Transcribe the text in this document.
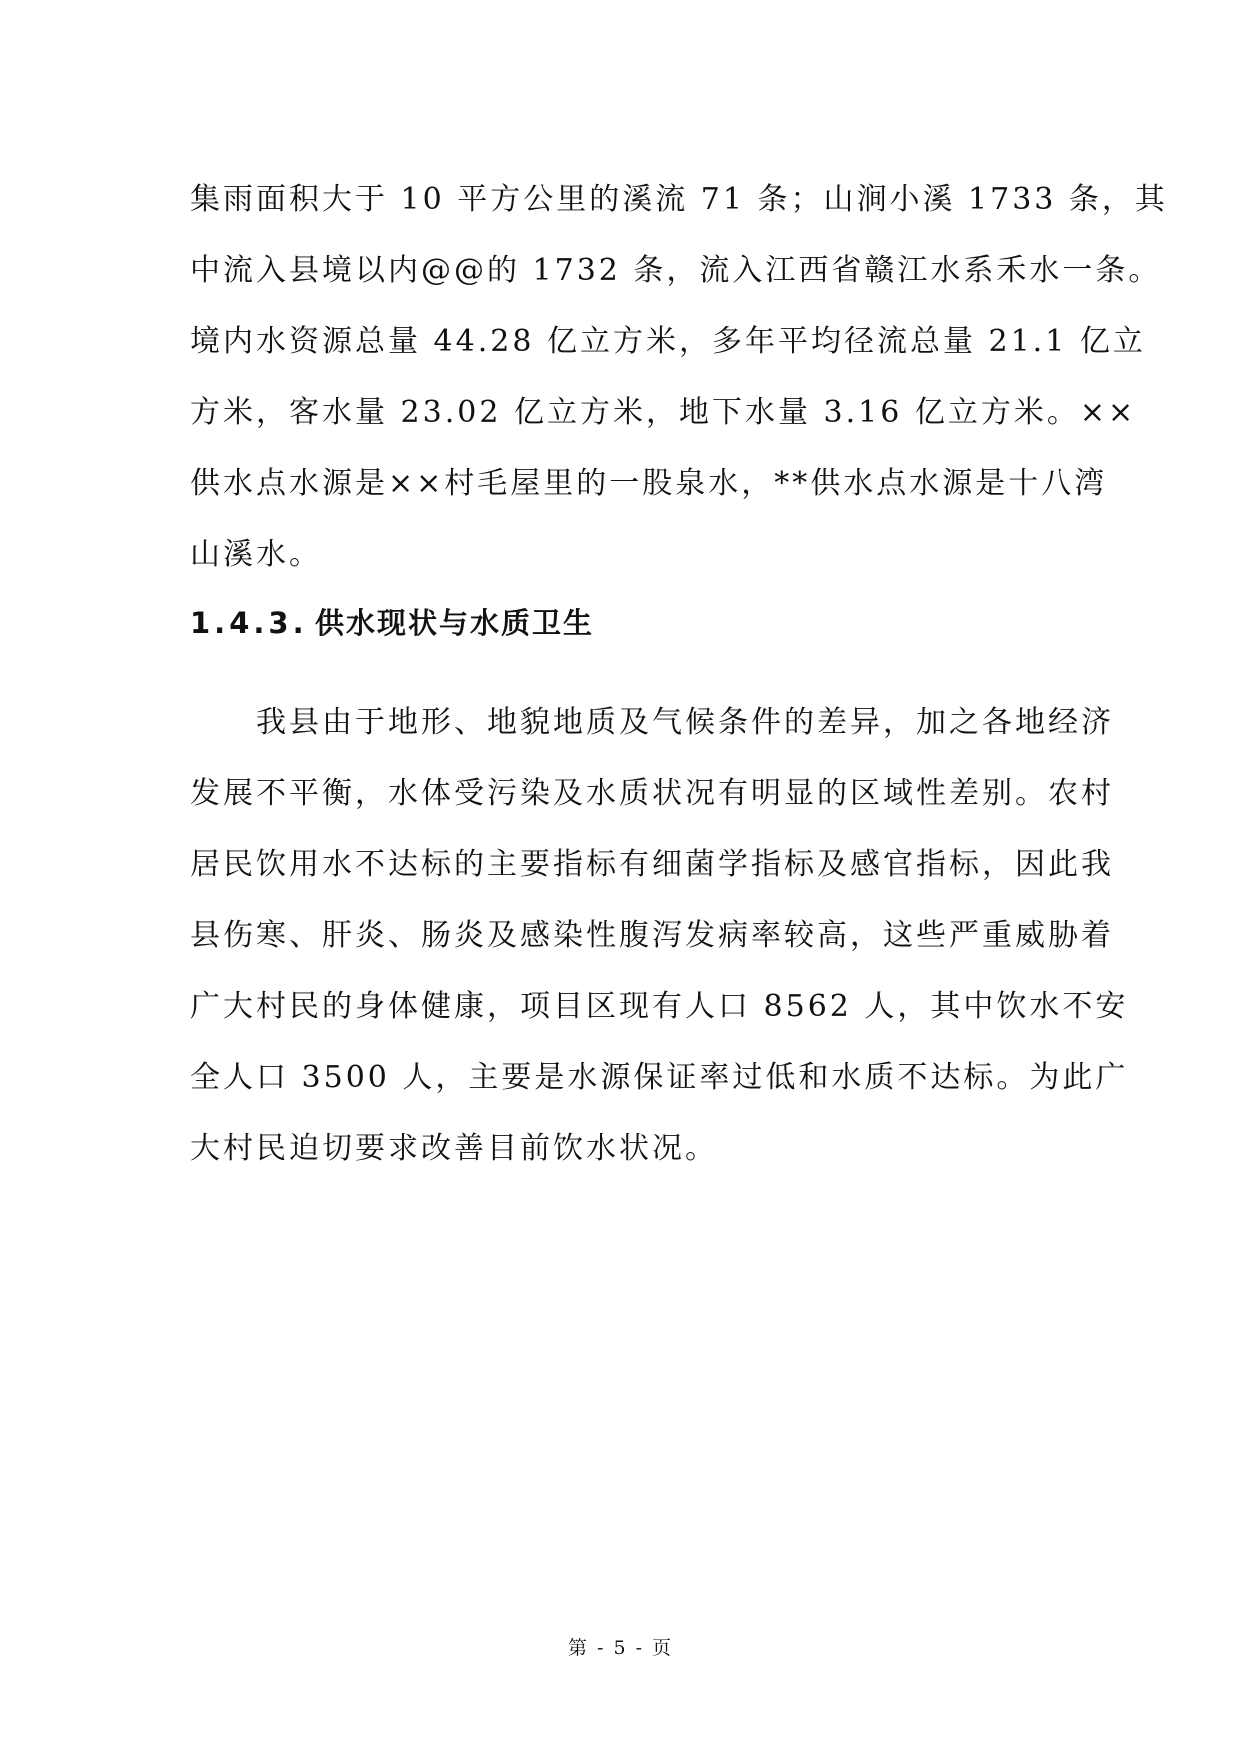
集雨面积大于 10 平方公里的溪流 71 条；山涧小溪 1733 条，其
中流入县境以内@@的 1732 条，流入江西省赣江水系禾水一条。
境内水资源总量 44.28 亿立方米，多年平均径流总量 21.1 亿立
方米，客水量 23.02 亿立方米，地下水量 3.16 亿立方米。××
供水点水源是××村毛屋里的一股泉水，**供水点水源是十八湾
山溪水。
1.4.3. 供水现状与水质卫生
　　我县由于地形、地貌地质及气候条件的差异，加之各地经济
发展不平衡，水体受污染及水质状况有明显的区域性差别。农村
居民饮用水不达标的主要指标有细菌学指标及感官指标，因此我
县伤寒、肝炎、肠炎及感染性腹泻发病率较高，这些严重威胁着
广大村民的身体健康，项目区现有人口 8562 人，其中饮水不安
全人口 3500 人，主要是水源保证率过低和水质不达标。为此广
大村民迫切要求改善目前饮水状况。
第 - 5 - 页
